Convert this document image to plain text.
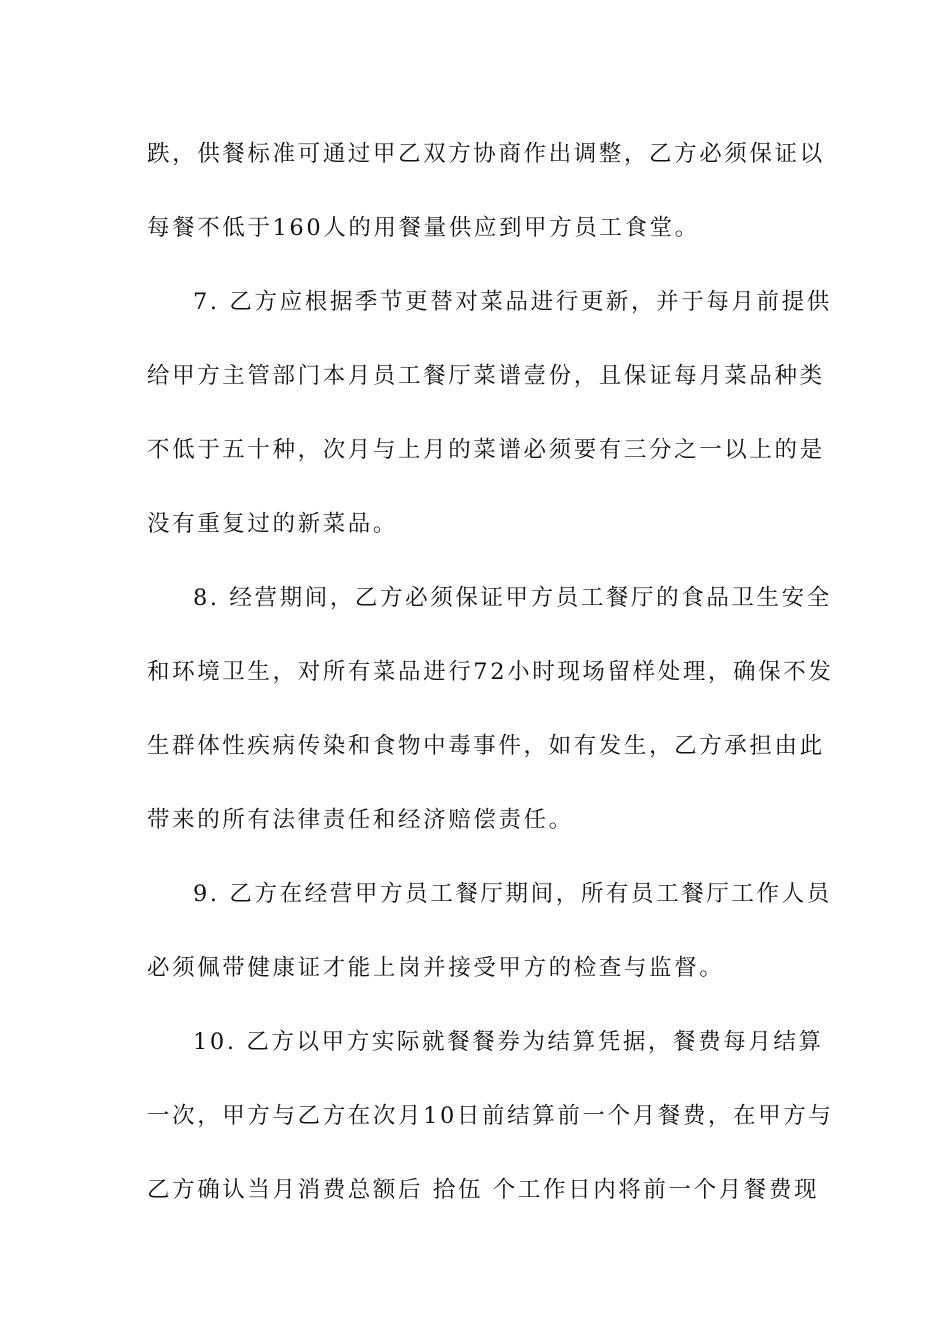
跌，供餐标准可通过甲乙双方协商作出调整，乙方必须保证以
每餐不低于160人的用餐量供应到甲方员工食堂。
7. 乙方应根据季节更替对菜品进行更新，并于每月前提供
给甲方主管部门本月员工餐厅菜谱壹份，且保证每月菜品种类
不低于五十种，次月与上月的菜谱必须要有三分之一以上的是
没有重复过的新菜品。
8. 经营期间，乙方必须保证甲方员工餐厅的食品卫生安全
和环境卫生，对所有菜品进行72小时现场留样处理，确保不发
生群体性疾病传染和食物中毒事件，如有发生，乙方承担由此
带来的所有法律责任和经济赔偿责任。
9. 乙方在经营甲方员工餐厅期间，所有员工餐厅工作人员
必须佩带健康证才能上岗并接受甲方的检查与监督。
10. 乙方以甲方实际就餐餐券为结算凭据，餐费每月结算
一次，甲方与乙方在次月10日前结算前一个月餐费，在甲方与
乙方确认当月消费总额后 拾伍 个工作日内将前一个月餐费现
